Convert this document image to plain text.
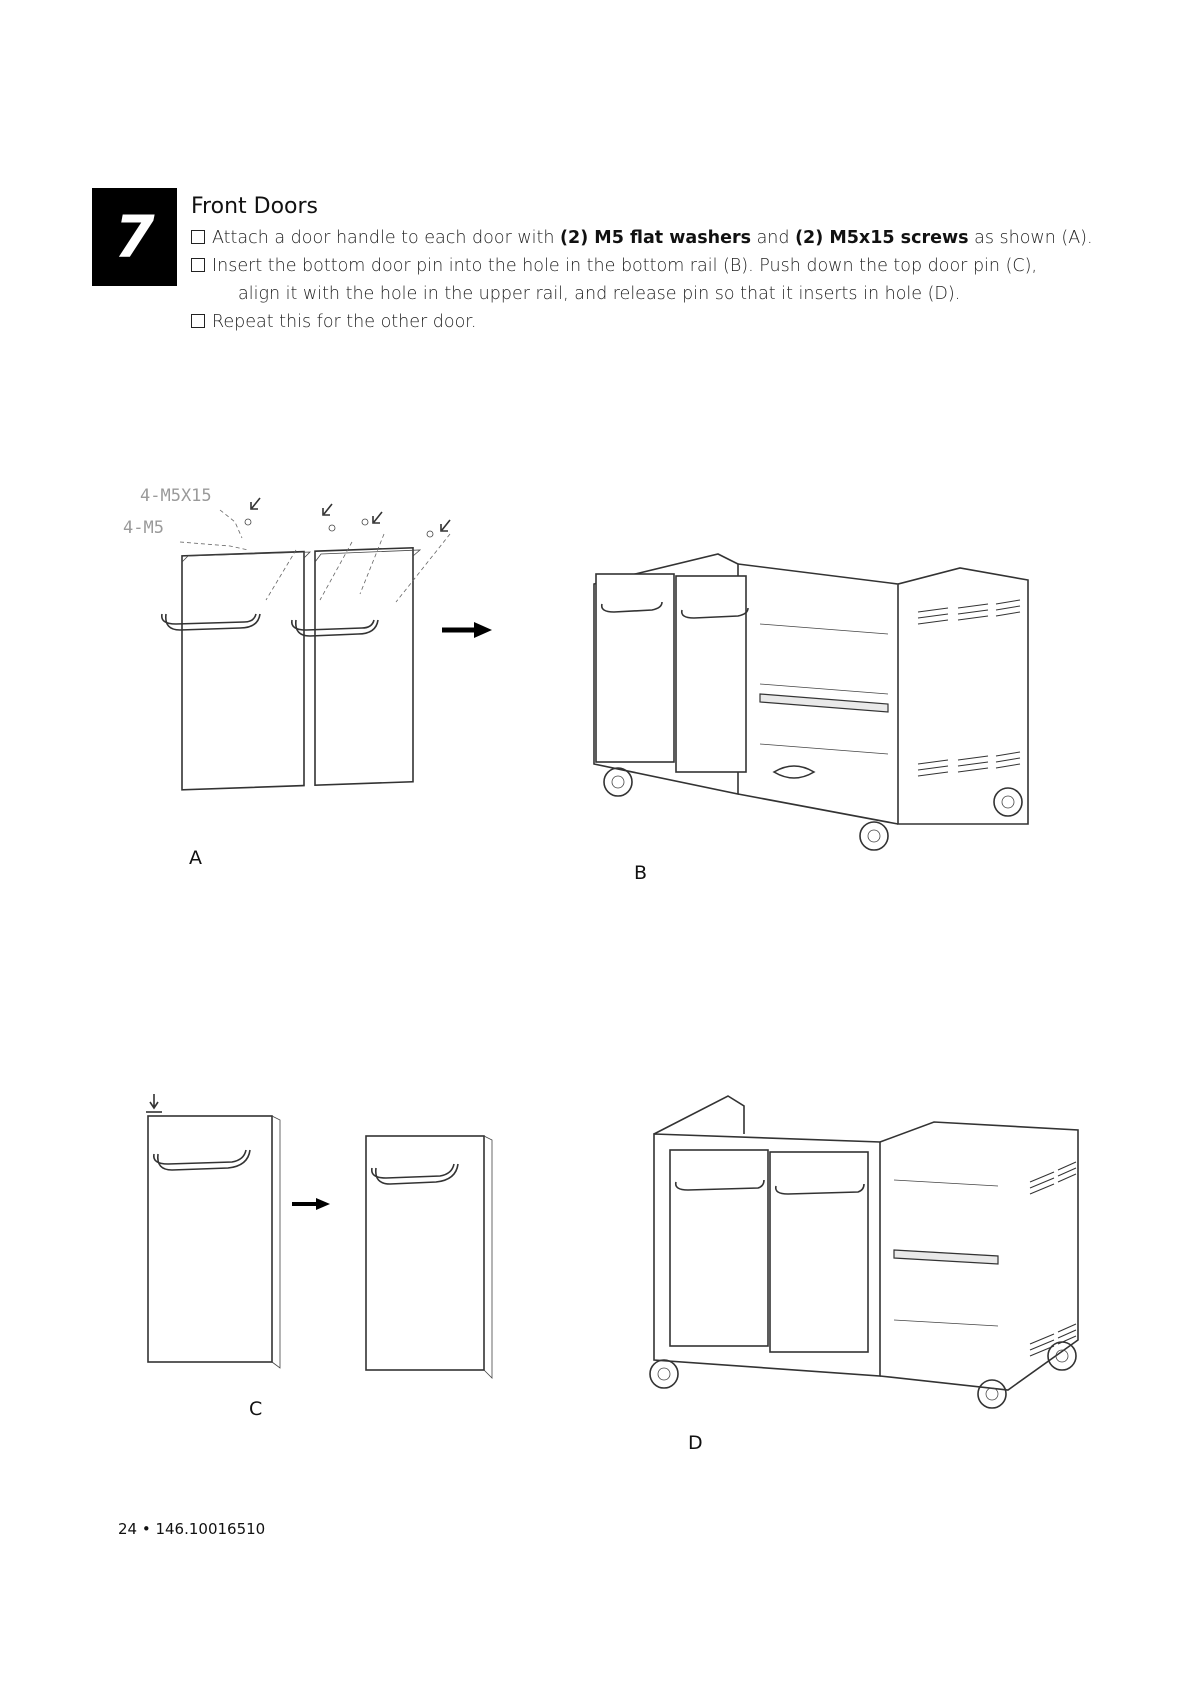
7 Front Doors
Attach a door handle to each door with (2) M5 flat washers and (2) M5x15 screws as shown (A).
Insert the bottom door pin into the hole in the bottom rail (B). Push down the top door pin (C),
align it with the hole in the upper rail, and release pin so that it inserts in hole (D).
Repeat this for the other door.
4-M5X15
4-M5
A
B
C
D
24 • 146.10016510
